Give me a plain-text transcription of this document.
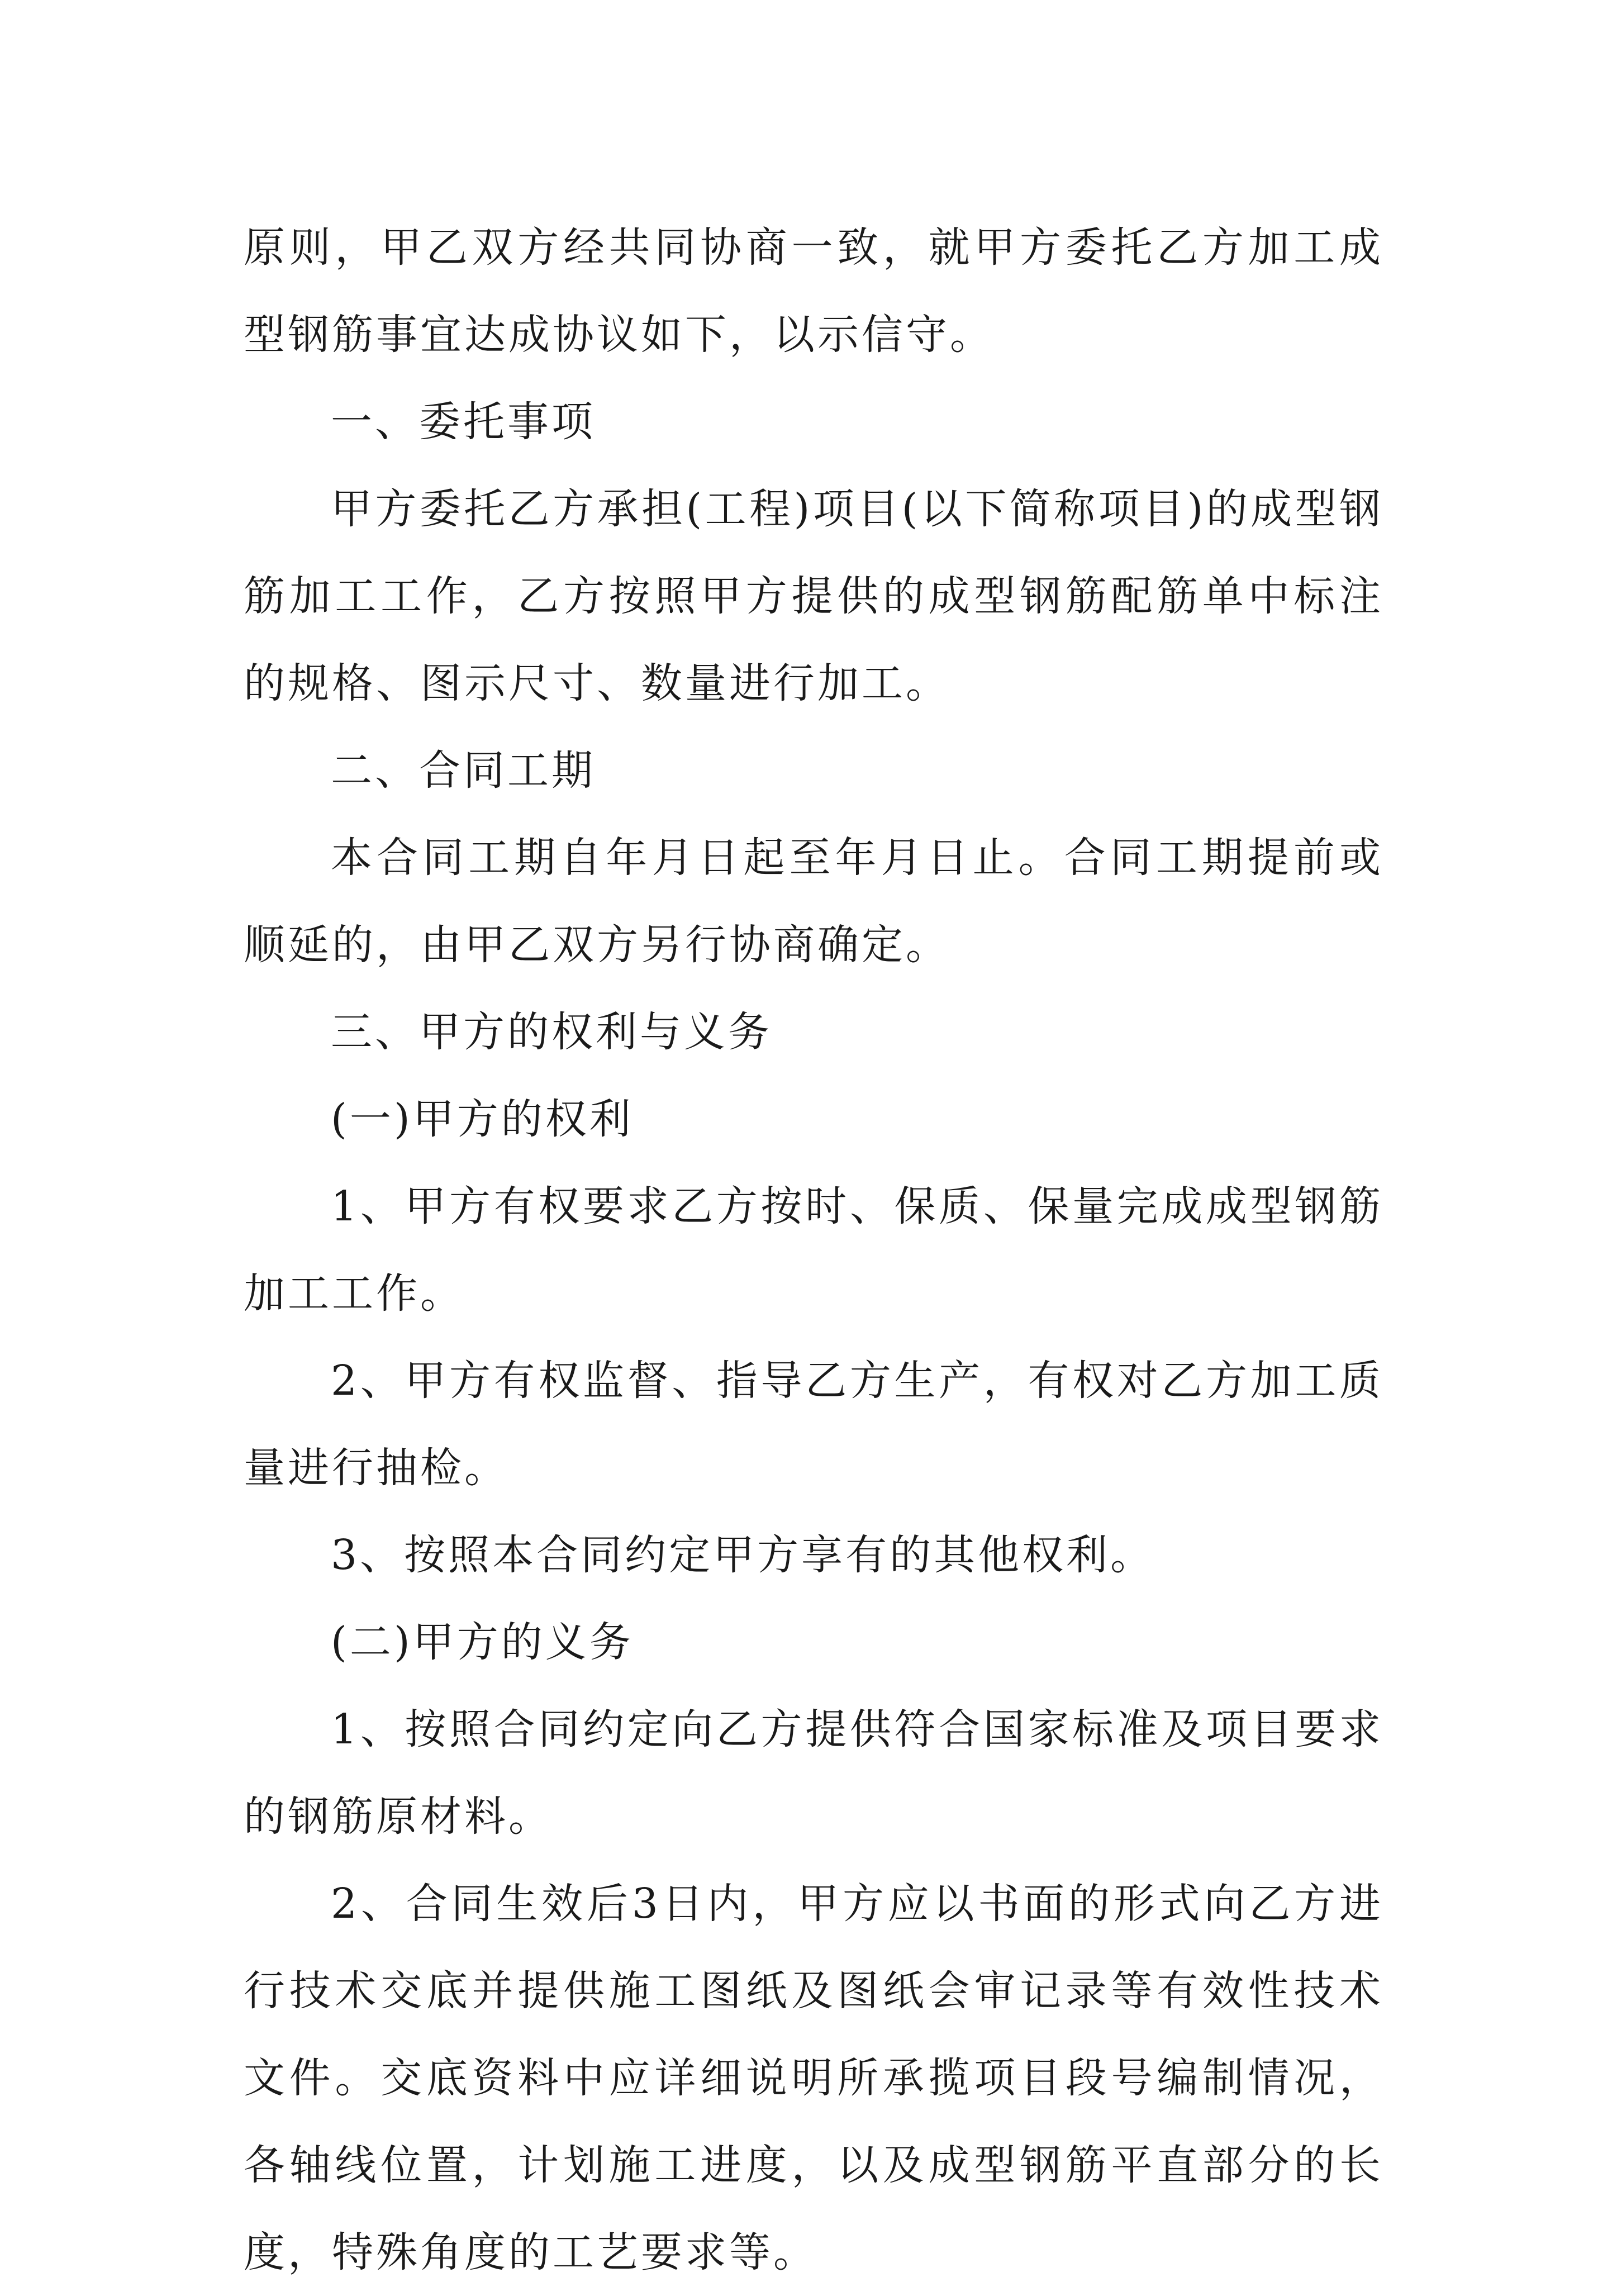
原则，甲乙双方经共同协商一致，就甲方委托乙方加工成型钢筋事宜达成协议如下，以示信守。

一、委托事项

甲方委托乙方承担(工程)项目(以下简称项目)的成型钢筋加工工作，乙方按照甲方提供的成型钢筋配筋单中标注的规格、图示尺寸、数量进行加工。

二、合同工期

本合同工期自年月日起至年月日止。合同工期提前或顺延的，由甲乙双方另行协商确定。

三、甲方的权利与义务

(一)甲方的权利

1、甲方有权要求乙方按时、保质、保量完成成型钢筋加工工作。

2、甲方有权监督、指导乙方生产，有权对乙方加工质量进行抽检。

3、按照本合同约定甲方享有的其他权利。

(二)甲方的义务

1、按照合同约定向乙方提供符合国家标准及项目要求的钢筋原材料。

2、合同生效后3日内，甲方应以书面的形式向乙方进行技术交底并提供施工图纸及图纸会审记录等有效性技术文件。交底资料中应详细说明所承揽项目段号编制情况，各轴线位置，计划施工进度，以及成型钢筋平直部分的长度，特殊角度的工艺要求等。
